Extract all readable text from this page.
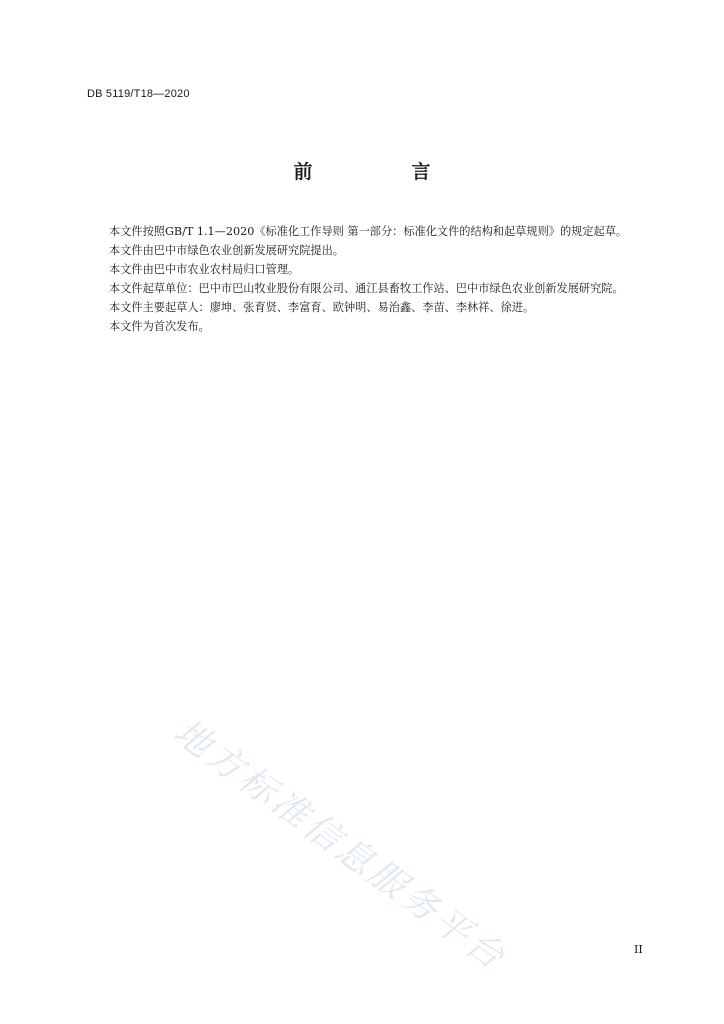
DB 5119/T18—2020
前　言

本文件按照GB/T 1.1—2020《标准化工作导则 第一部分：标准化文件的结构和起草规则》的规定起草。

本文件由巴中市绿色农业创新发展研究院提出。

本文件由巴中市农业农村局归口管理。

本文件起草单位：巴中市巴山牧业股份有限公司、通江县畜牧工作站、巴中市绿色农业创新发展研究院。

本文件主要起草人：廖坤、张育贤、李富育、欧钟明、易治鑫、李苗、李林祥、徐进。

本文件为首次发布。

地方标准信息服务平台	II
